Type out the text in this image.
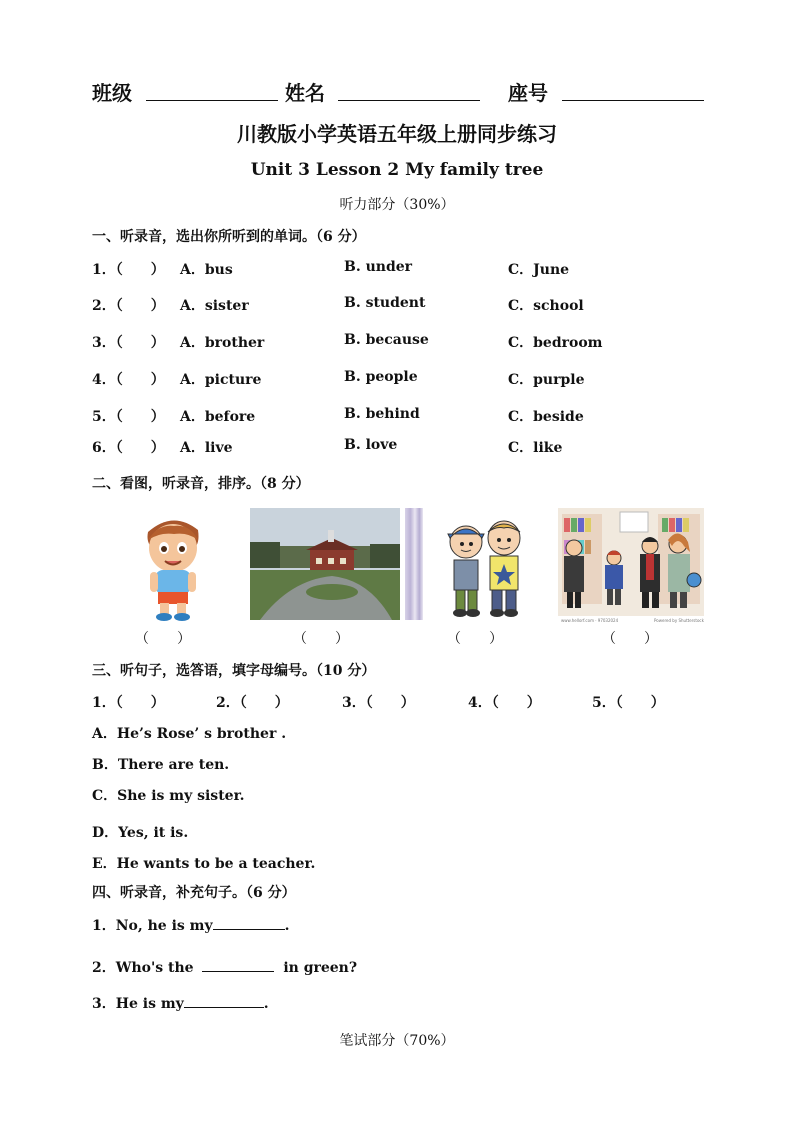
班级	姓名	座号
川教版小学英语五年级上册同步练习
Unit 3 Lesson 2 My family tree
听力部分（30%）
一、听录音，选出你所听到的单词。（6 分）
1．（　　） A．bus	B. under	C．June
2．（　　） A．sister	B. student	C．school
3．（　　） A．brother	B. because	C．bedroom
4．（　　） A．picture	B. people	C．purple
5．（　　） A．before	B. behind	C．beside
6．（　　） A．live	B. love	C．like
二、看图，听录音，排序。（8 分）
（　　）	（　　）	（　　）
www.hellorf.com · 97032024	Powered by Shutterstock
（　　）
三、听句子，选答语，填字母编号。（10 分）
1．（　　）	2．（　　）	3．（　　）	4．（　　）	5．（　　）
A．He’s Rose’ s brother .
B．There are ten.
C．She is my sister.
D．Yes, it is.
E．He wants to be a teacher.
四、听录音，补充句子。（6 分）
1．No, he is my	.
2．Who's the	in green?
3．He is my	.
笔试部分（70%）
